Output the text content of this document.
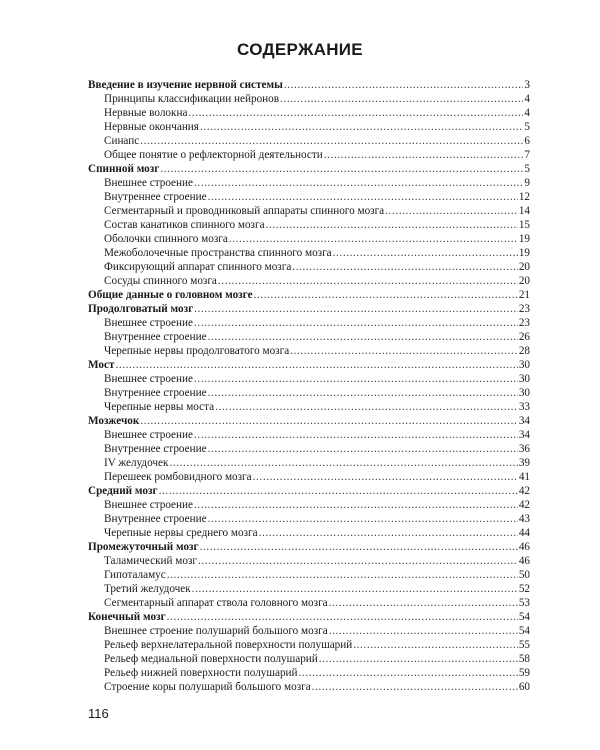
СОДЕРЖАНИЕ
Введение в изучение нервной системы .....	3
Принципы классификации нейронов .....	4
Нервные волокна .....	4
Нервные окончания .....	5
Синапс .....	6
Общее понятие о рефлекторной деятельности .....	7
Спинной мозг .....	5
Внешнее строение .....	9
Внутреннее строение .....	12
Сегментарный и проводниковый аппараты спинного мозга .....	14
Состав канатиков спинного мозга .....	15
Оболочки спинного мозга .....	19
Межоболочечные пространства спинного мозга .....	19
Фиксирующий аппарат спинного мозга .....	20
Сосуды спинного мозга .....	20
Общие данные о головном мозге .....	21
Продолговатый мозг .....	23
Внешнее строение .....	23
Внутреннее строение .....	26
Черепные нервы продолговатого мозга .....	28
Мост .....	30
Внешнее строение .....	30
Внутреннее строение .....	30
Черепные нервы моста .....	33
Мозжечок .....	34
Внешнее строение .....	34
Внутреннее строение .....	36
IV желудочек .....	39
Перешеек ромбовидного мозга .....	41
Средний мозг .....	42
Внешнее строение .....	42
Внутреннее строение .....	43
Черепные нервы среднего мозга .....	44
Промежуточный мозг .....	46
Таламический мозг .....	46
Гипоталамус .....	50
Третий желудочек .....	52
Сегментарный аппарат ствола головного мозга .....	53
Конечный мозг .....	54
Внешнее строение полушарий большого мозга .....	54
Рельеф верхнелатеральной поверхности полушарий .....	55
Рельеф медиальной поверхности полушарий .....	58
Рельеф нижней поверхности полушарий .....	59
Строение коры полушарий большого мозга .....	60
116
